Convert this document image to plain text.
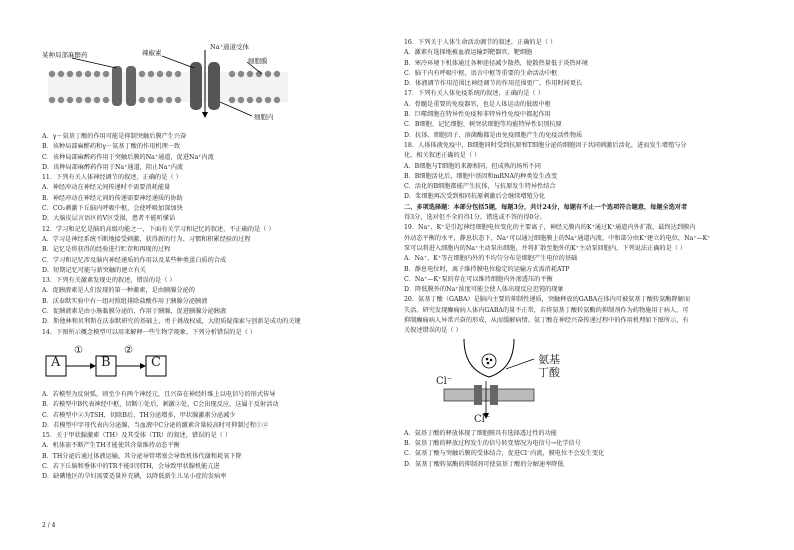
某种局部麻醉药	辣椒素
Na⁺通道受体
细胞膜
细胞内
A．γ－氨基丁酸的作用可能是抑制突触后膜产生兴奋
B．该种局部麻醉药和γ－氨基丁酸的作用机理一致
C．该种局部麻醉药作用于突触后膜的Na⁺通道，促进Na⁺内流
D．该种局部麻醉药作用于Na⁺通道，阻止Na⁺内流
11．下列有关人体神经调节的叙述，正确的是（ ）
A．神经冲动在神经元间传递时不需要消耗能量
B．神经冲动在神经元间的传递需要神经递质的协助
C．CO₂刺激下丘脑内呼吸中枢，会使呼吸加深加快
D．大脑皮层言语区的V区受损，患者不能听懂话
12．学习和记忆是脑的高级功能之一，下面有关学习和记忆的叙述，不正确的是（ ）
A．学习是神经系统不断地接受刺激，获得新的行为、习惯和积累经验的过程
B．记忆是将获得的经验进行贮存和再现的过程
C．学习和记忆涉及脑内神经递质的作用以及某些种类蛋白质的合成
D．短期记忆可能与新突触的建立有关
13．下列有关激素发现史的叙述，错误的是（ ）
A．促胰液素是人们发现的第一种激素，是由胰腺分泌的
B．沃泰默实验中有一组对照组排除盐酸作用于胰腺分泌胰液
C．促胰液素是由小肠黏膜分泌的，作用于胰腺，促进胰腺分泌胰液
D．斯他林和贝利斯在沃泰默研究的基础上，勇于挑战权威，大胆质疑探索与创新是成功的关键
14．下图所示概念模型可以用来解释一些生物学现象，下列分析错误的是（ ）
A	B	C
①	②
A．若模型为反射弧，则至少有两个神经元，且兴奋在神经纤维上以电信号的形式传导
B．若模型中B代表神经中枢，切断①处后，刺激②处，C会出现反应，这属于反射活动
C．若模型中②为TSH，切除B后，TH分泌增多，甲状腺激素分泌减少
D．若模型中字母代表内分泌腺，当血液中C分泌的激素含量较高时可抑制过程①②
15．关于甲状腺激素（TH）及其受体（TR）的叙述，错误的是（ ）
A．机体需不断产生TH才能使其含量维持动态平衡
B．TH分泌后通过体液运输，其分泌导管堵塞会导致机体代谢和耗氧下降
C．若下丘脑和垂体中的TR不能识别TH，会导致甲状腺机能亢进
D．缺碘地区的孕妇需要适量补充碘，以降低新生儿呆小症的发病率
16．下列关于人体生命活动调节的叙述，正确的是（ ）
A．激素有选择地被血液运输到靶器官、靶细胞
B．寒冷环境下机体通过各种途径减少散热，使散热量低于炎热环境
C．脑干内有呼吸中枢、语言中枢等重要的生命活动中枢
D．体液调节作用范围比神经调节的作用范围更广，作用时间更长
17．下列有关人体免疫系统的叙述，正确的是（ ）
A．骨髓是重要的免疫器官，也是人体运动的低级中枢
B．巨噬细胞在特异性免疫和非特异性免疫中都起作用
C．B细胞、记忆细胞、树突状细胞等均能特异性识别抗原
D．抗体、细胞因子、溶菌酶都是由免疫细胞产生的免疫活性物质
18．人体体液免疫中，B细胞同时受到抗原和T细胞分泌的细胞因子共同刺激后活化，进而发生增殖与分
化，相关叙述正确的是（ ）
A．B细胞与T细胞的来源相同，但成熟的场所不同
B．B细胞活化后，细胞中基因和mRNA的种类发生改变
C．活化的B细胞都能产生抗体，与抗原发生特异性结合
D．浆细胞再次受到相同抗原刺激后会继续增殖分化
二、多项选择题：本部分包括5题，每题3分，共计24分，每题有不止一个选项符合题意，每题全选对者
得3分，选对但不全的得1分，错选或不答的得0分。
19．Na⁺、K⁺是引起神经细胞电位变化的主要离子，神经元膜内的K⁺通过K⁺通道内外扩散，最终达到膜内
外动态平衡的水平，静息状态下，Na⁺可以通过细胞膜上的Na⁺通道内流，中和部分由K⁺建立的电位，Na⁺—K⁺
泵可以将进入细胞内的Na⁺主动泵出细胞，并将扩散至胞外的K⁺主动泵回胞内，下列说法正确的是（ ）
A．Na⁺、K⁺等在细胞内外的不均匀分布是细胞产生电位的基础
B．静息电位时，离子维持膜电位稳定的运输方式需消耗ATP
C．Na⁺—K⁺泵的存在可以维持细胞内外渗透压的平衡
D．降低膜外的Na⁺浓度可能会使人体出现反应迟钝的现象
20．氨基丁酸（GABA）是脑内主要的抑制性递质，突触释放的GABA在体内可被氨基丁酸转氨酶降解而
失活。研究发现癫痫病人体内GABA的量不正常，若将氨基丁酸转氨酶的抑制剂作为药物施用于病人，可
抑制癫痫病人异常兴奋的形成，从而缓解病情。氨丁酸在神经兴奋传递过程中的作用机理如下图所示，有
关叙述错误的是（ ）
Cl⁻
Cl⁻
氨基丁酸
A．氨基丁酸的释放体现了细胞膜具有选择透过性的功能
B．氨基丁酸的释放过程发生的信号转变情况为电信号→化学信号
C．氨基丁酸与突触后膜的受体结合，促进Cl⁻内流，膜电位不会发生变化
D．氨基丁酸转氨酶的抑制剂可使氨基丁酸的分解速率降低
2 / 4
